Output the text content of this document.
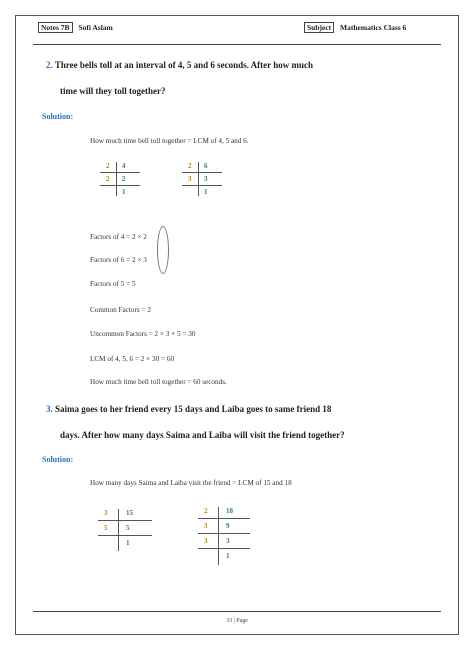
Notes 7B Sofi Aslam	Subject Mathematics Class 6
2. Three bells toll at an interval of 4, 5 and 6 seconds. After how much
time will they toll together?
Solution:
How much time bell toll together = LCM of 4, 5 and 6.
2 4
2 2
1
2 6
3 3
1
Factors of 4 = 2 × 2
Factors of 6 = 2 × 3
Factors of 5 = 5
Common Factors = 2
Uncommon Factors = 2 × 3 × 5 = 30
LCM of 4, 5, 6 = 2 × 30 = 60
How much time bell toll together = 60 seconds.
3. Saima goes to her friend every 15 days and Laiba goes to same friend 18
days. After how many days Saima and Laiba will visit the friend together?
Solution:
How many days Saima and Laiba visit the friend = LCM of 15 and 18
3	15
5	5
1
2	18
3	9
3	3
1
33 | Page
